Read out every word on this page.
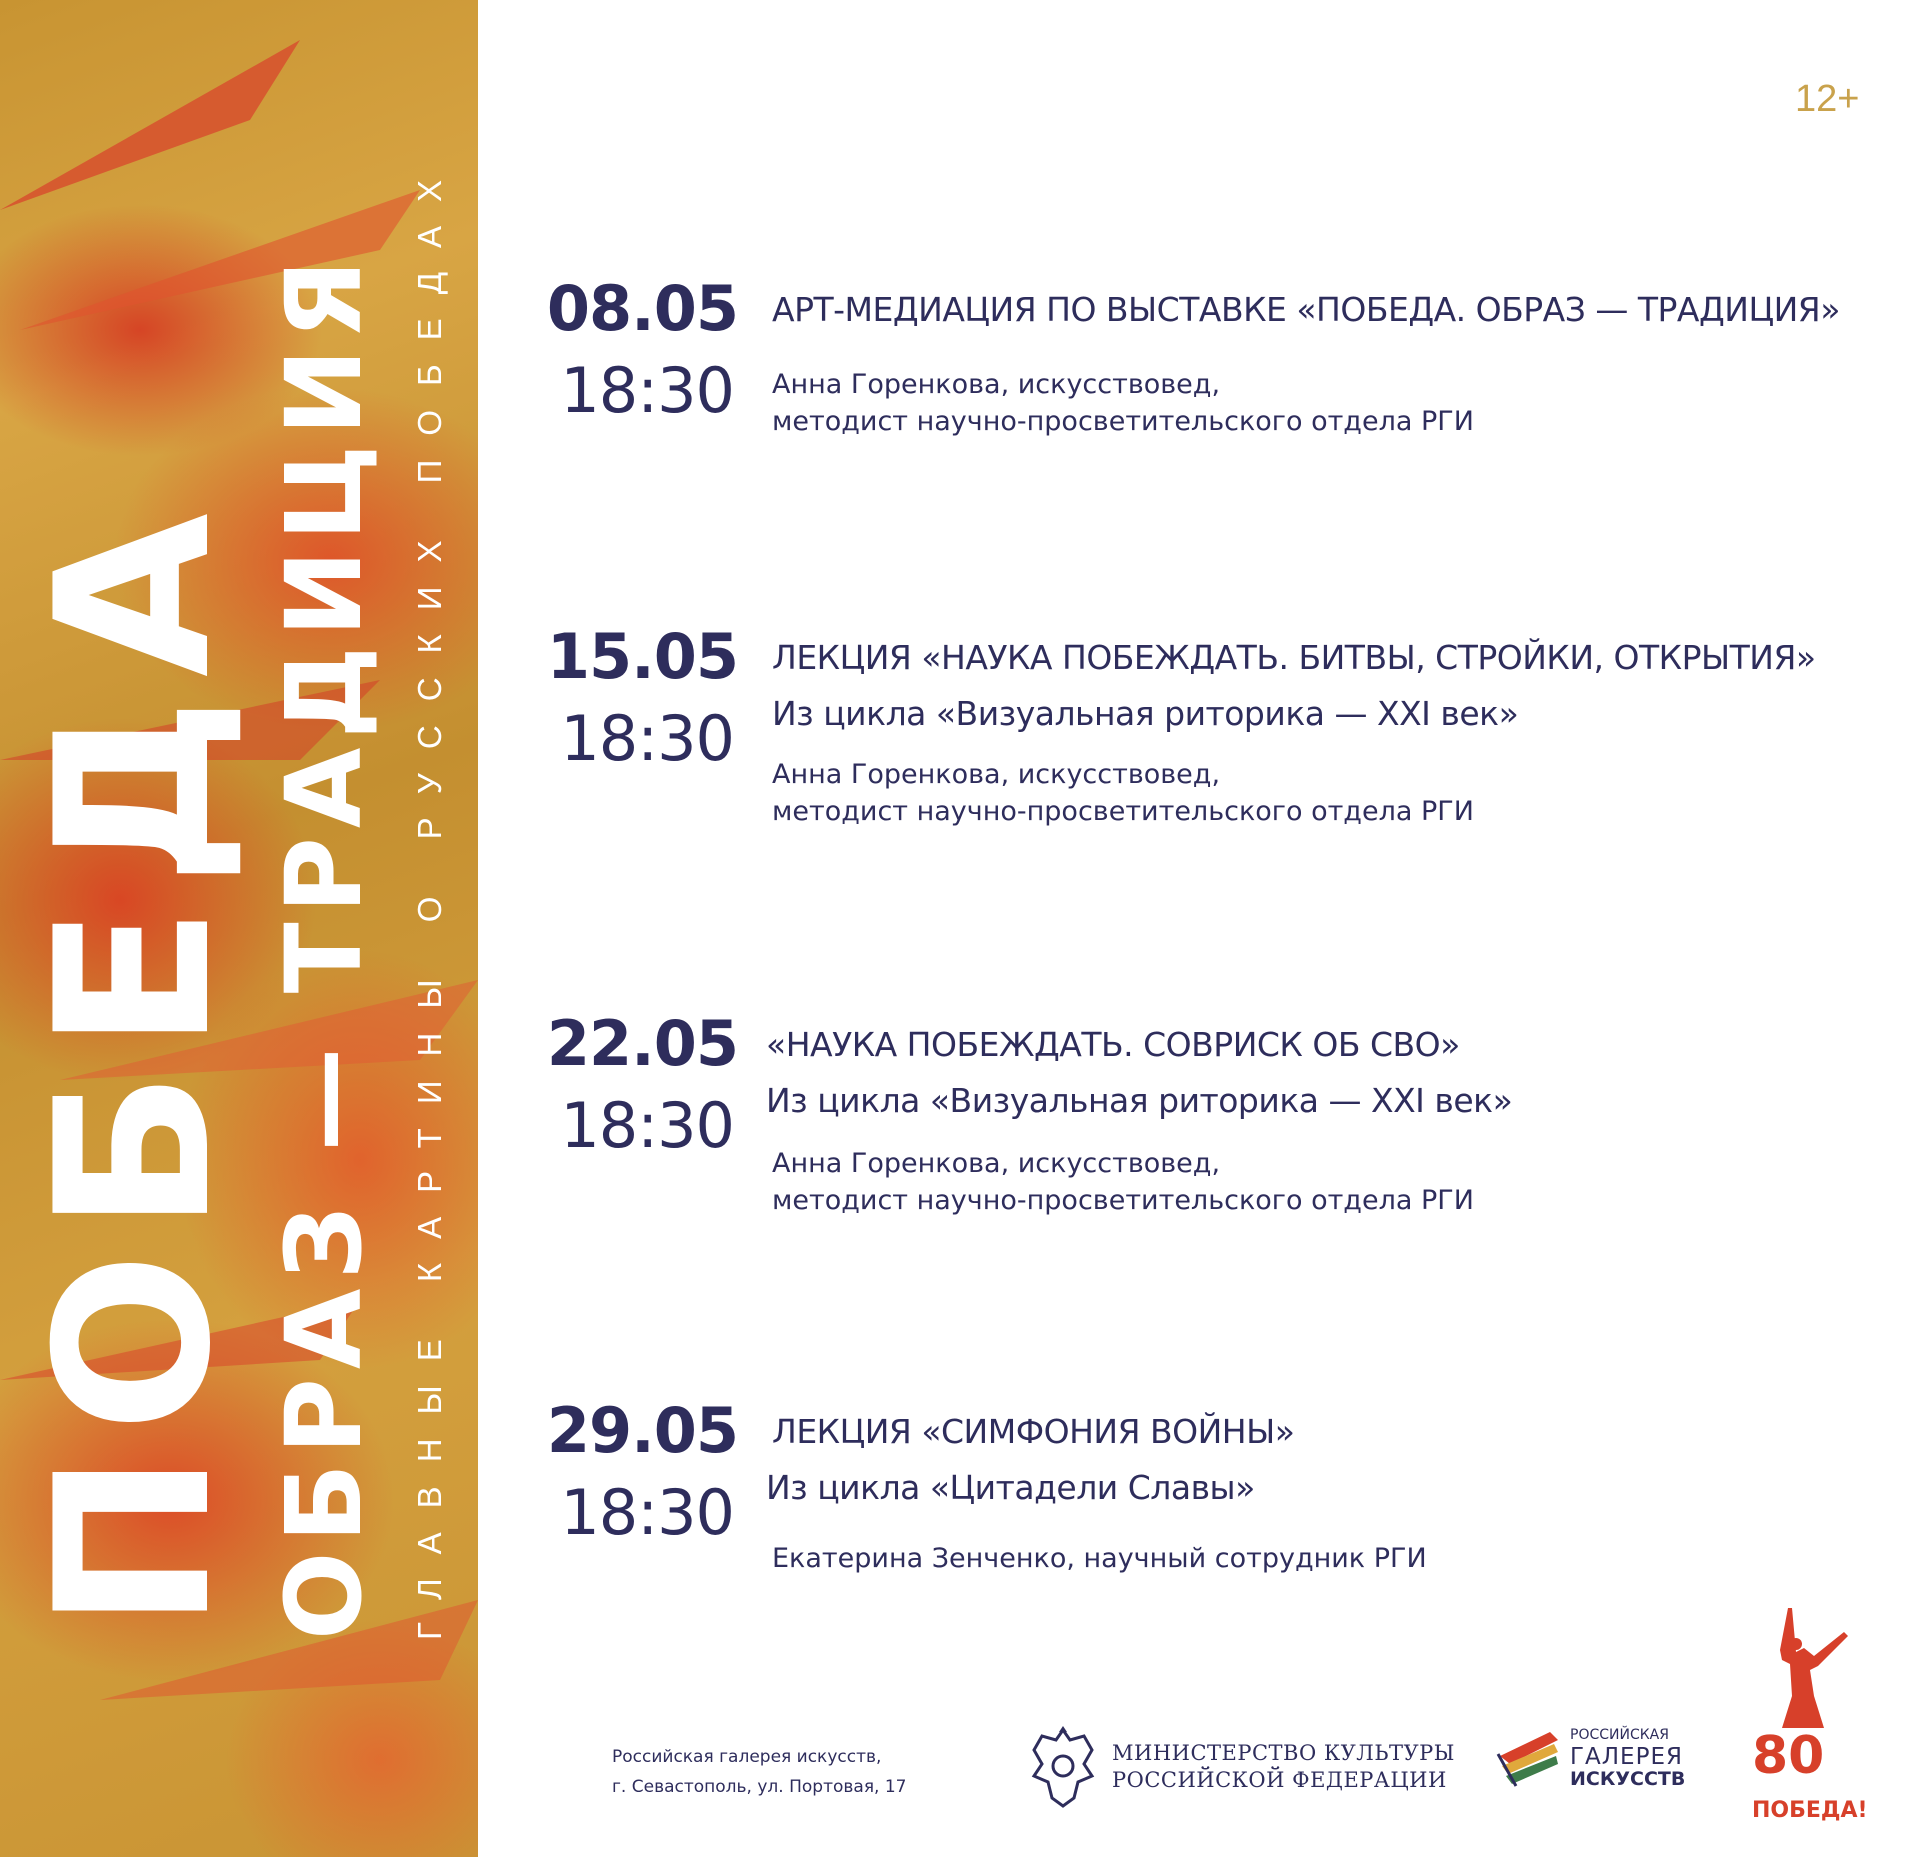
ПОБЕДА ОБРАЗ — ТРАДИЦИЯ ГЛАВНЫЕ КАРТИНЫ О РУССКИХ ПОБЕДАХ
12+
08.05
18:30
АРТ-МЕДИАЦИЯ ПО ВЫСТАВКЕ «ПОБЕДА. ОБРАЗ — ТРАДИЦИЯ»
Анна Горенкова, искусствовед,
методист научно-просветительского отдела РГИ
15.05
18:30
ЛЕКЦИЯ «НАУКА ПОБЕЖДАТЬ. БИТВЫ, СТРОЙКИ, ОТКРЫТИЯ»
Из цикла «Визуальная риторика — XXI век»
Анна Горенкова, искусствовед,
методист научно-просветительского отдела РГИ
22.05
18:30
«НАУКА ПОБЕЖДАТЬ. СОВРИСК ОБ СВО»
Из цикла «Визуальная риторика — XXI век»
Анна Горенкова, искусствовед,
методист научно-просветительского отдела РГИ
29.05
18:30
ЛЕКЦИЯ «СИМФОНИЯ ВОЙНЫ»
Из цикла «Цитадели Славы»
Екатерина Зенченко, научный сотрудник РГИ
Российская галерея искусств,
г. Севастополь, ул. Портовая, 17
МИНИСТЕРСТВО КУЛЬТУРЫ
РОССИЙСКОЙ ФЕДЕРАЦИИ
РОССИЙСКАЯ
ГАЛЕРЕЯ
ИСКУССТВ 80
ПОБЕДА!
